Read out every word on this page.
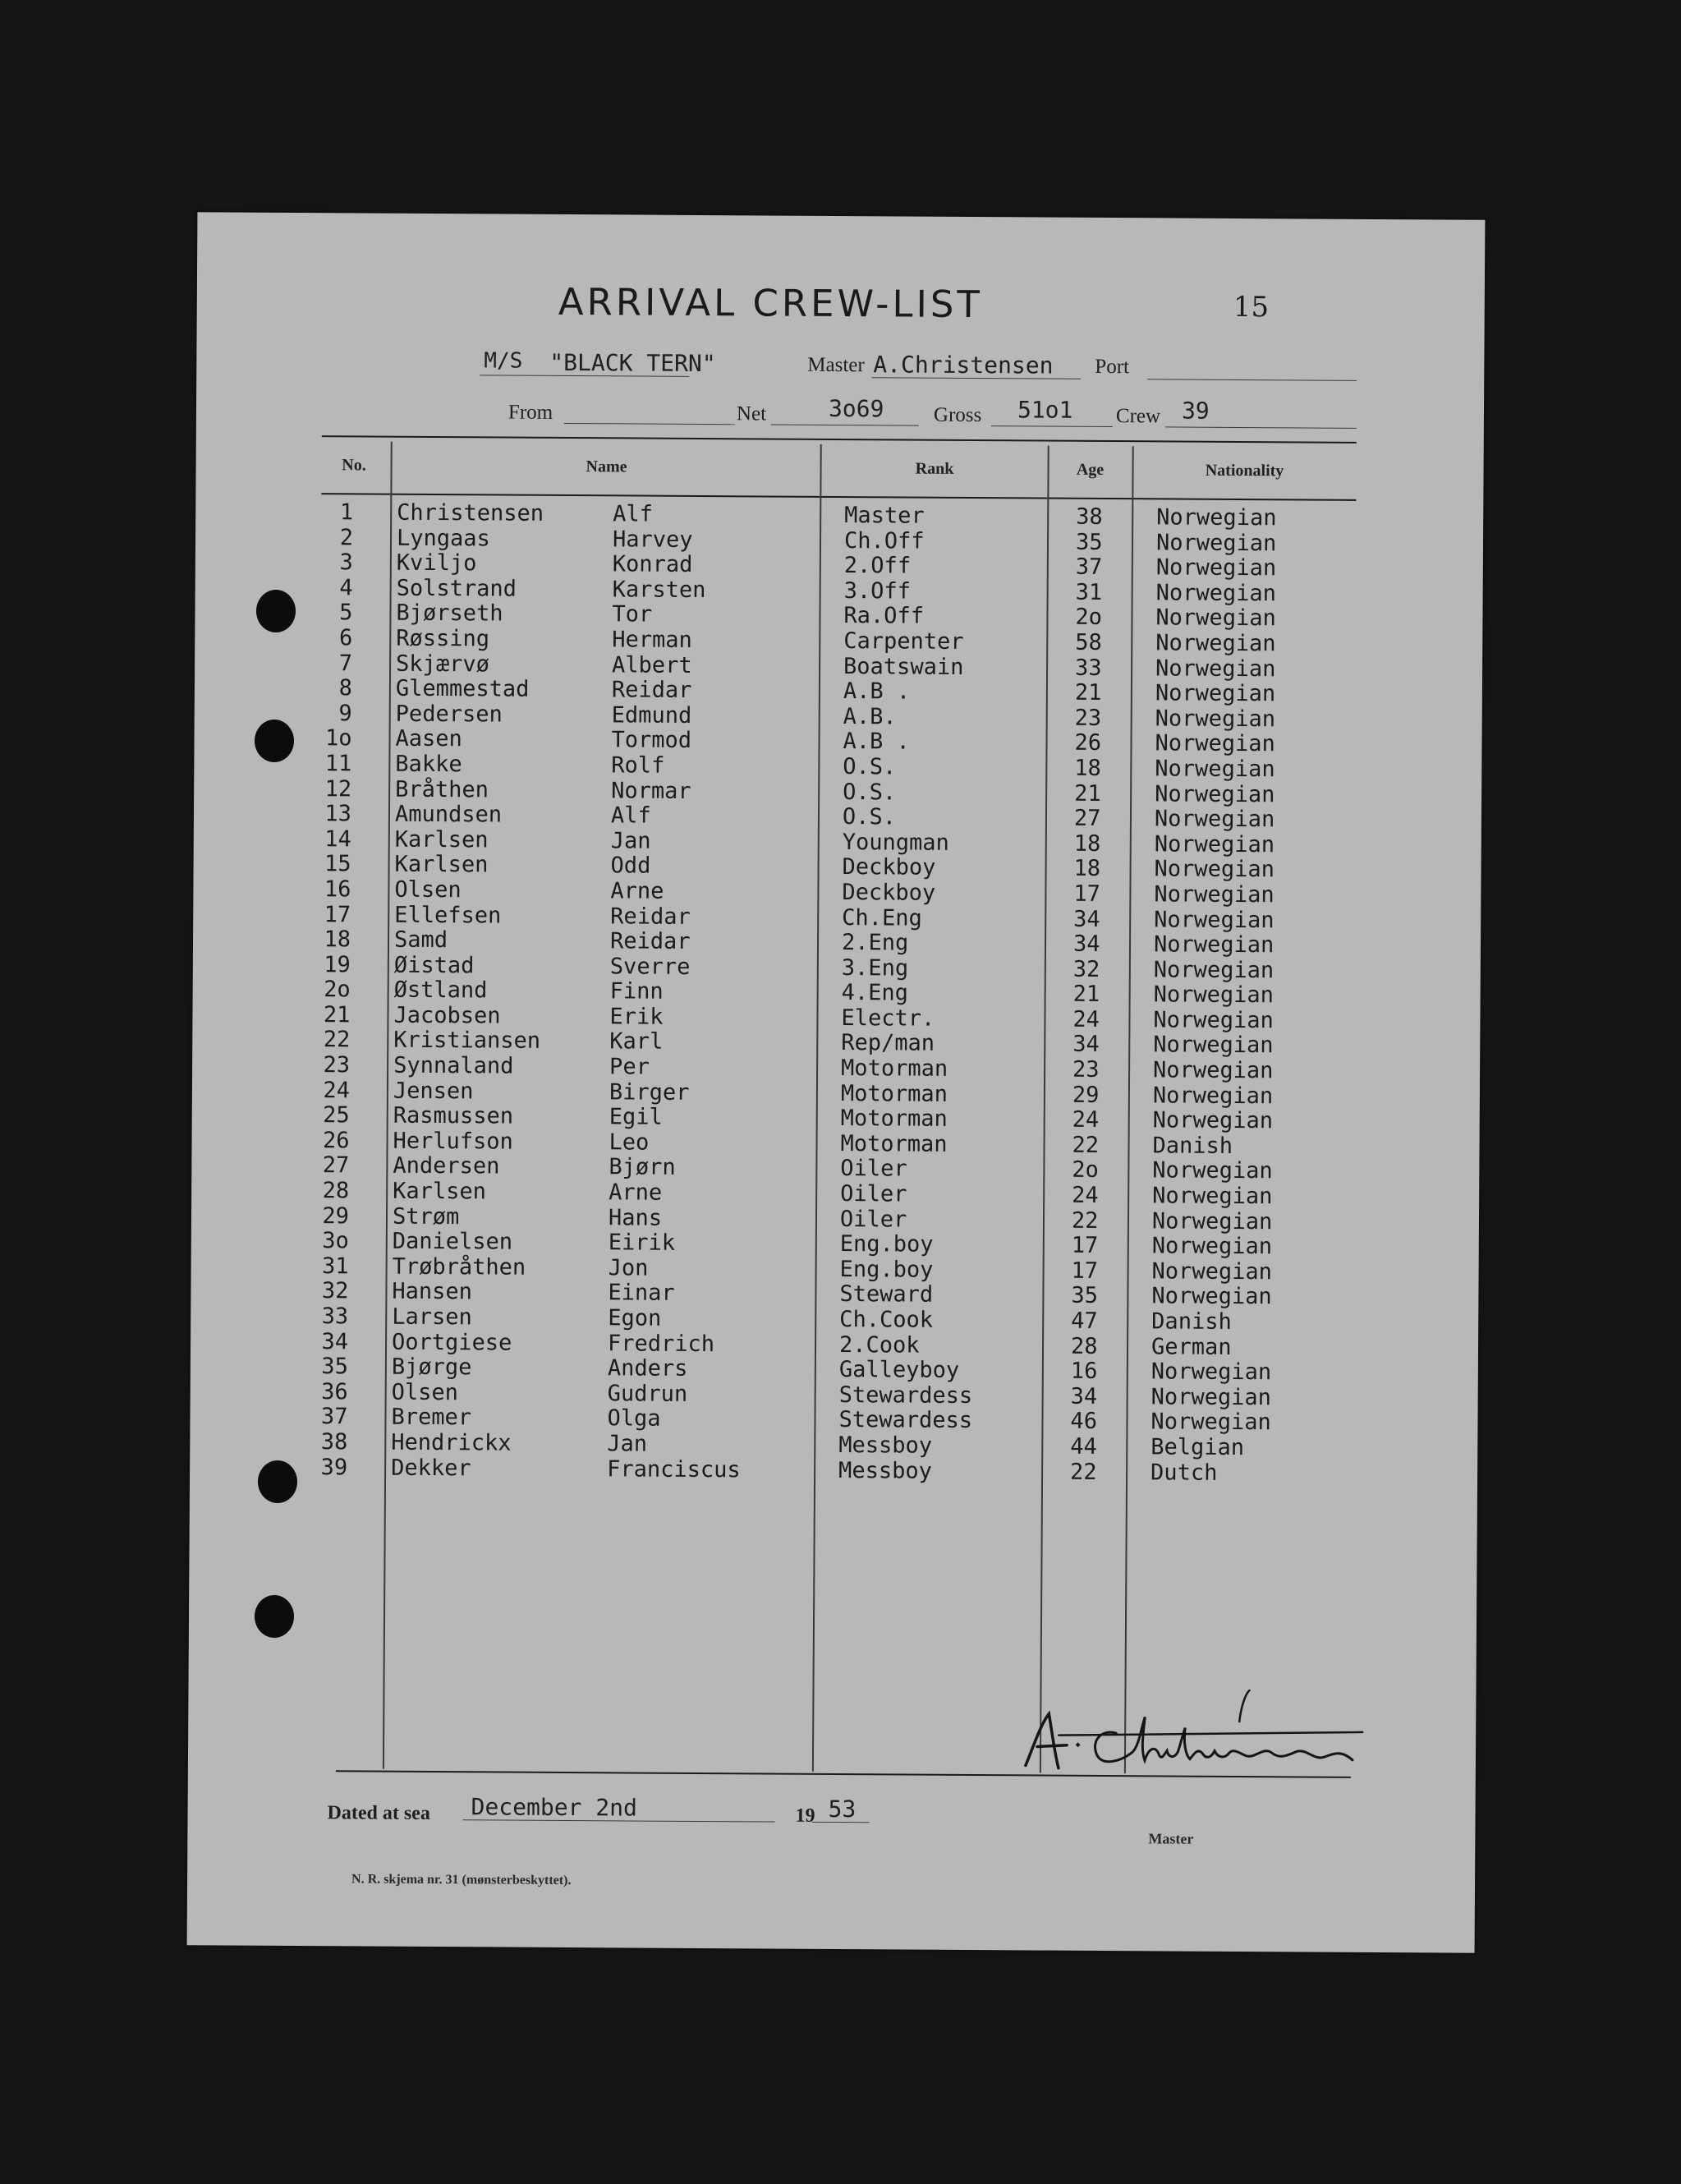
15
ARRIVAL CREW-LIST
M/S "BLACK TERN"	Master A.Christensen Port
From	Net	3o69 Gross 51o1 Crew 39
No.	Name	Rank	Age	Nationality
1 Christensen	Alf	Master	38 Norwegian
2 Lyngaas	Harvey	Ch.Off	35 Norwegian
3 Kviljo	Konrad	2.Off	37 Norwegian
4 Solstrand	Karsten	3.Off	31 Norwegian
5 Bjørseth	Tor	Ra.Off	2o Norwegian
6 Røssing	Herman	Carpenter	58 Norwegian
7 Skjærvø	Albert	Boatswain	33 Norwegian
8 Glemmestad	Reidar	A.B .	21 Norwegian
9 Pedersen	Edmund	A.B.	23 Norwegian
1o Aasen	Tormod	A.B .	26 Norwegian
11 Bakke	Rolf	O.S.	18 Norwegian
12 Bråthen	Normar	O.S.	21 Norwegian
13 Amundsen	Alf	O.S.	27 Norwegian
14 Karlsen	Jan	Youngman	18 Norwegian
15 Karlsen	Odd	Deckboy	18 Norwegian
16 Olsen	Arne	Deckboy	17 Norwegian
17 Ellefsen	Reidar	Ch.Eng	34 Norwegian
18 Samd	Reidar	2.Eng	34 Norwegian
19 Øistad	Sverre	3.Eng	32 Norwegian
2o Østland	Finn	4.Eng	21 Norwegian
21 Jacobsen	Erik	Electr.	24 Norwegian
22 Kristiansen	Karl	Rep/man	34 Norwegian
23 Synnaland	Per	Motorman	23 Norwegian
24 Jensen	Birger	Motorman	29 Norwegian
25 Rasmussen	Egil	Motorman	24 Norwegian
26 Herlufson	Leo	Motorman	22 Danish
27 Andersen	Bjørn	Oiler	2o Norwegian
28 Karlsen	Arne	Oiler	24 Norwegian
29 Strøm	Hans	Oiler	22 Norwegian
3o Danielsen	Eirik	Eng.boy	17 Norwegian
31 Trøbråthen	Jon	Eng.boy	17 Norwegian
32 Hansen	Einar	Steward	35 Norwegian
33 Larsen	Egon	Ch.Cook	47 Danish
34 Oortgiese	Fredrich	2.Cook	28 German
35 Bjørge	Anders	Galleyboy	16 Norwegian
36 Olsen	Gudrun	Stewardess	34 Norwegian
37 Bremer	Olga	Stewardess	46 Norwegian
38 Hendrickx	Jan	Messboy	44 Belgian
39 Dekker	Franciscus	Messboy	22 Dutch
Dated at sea December 2nd	19 53
A. Christensen
Master
N. R. skjema nr. 31 (mønsterbeskyttet).
